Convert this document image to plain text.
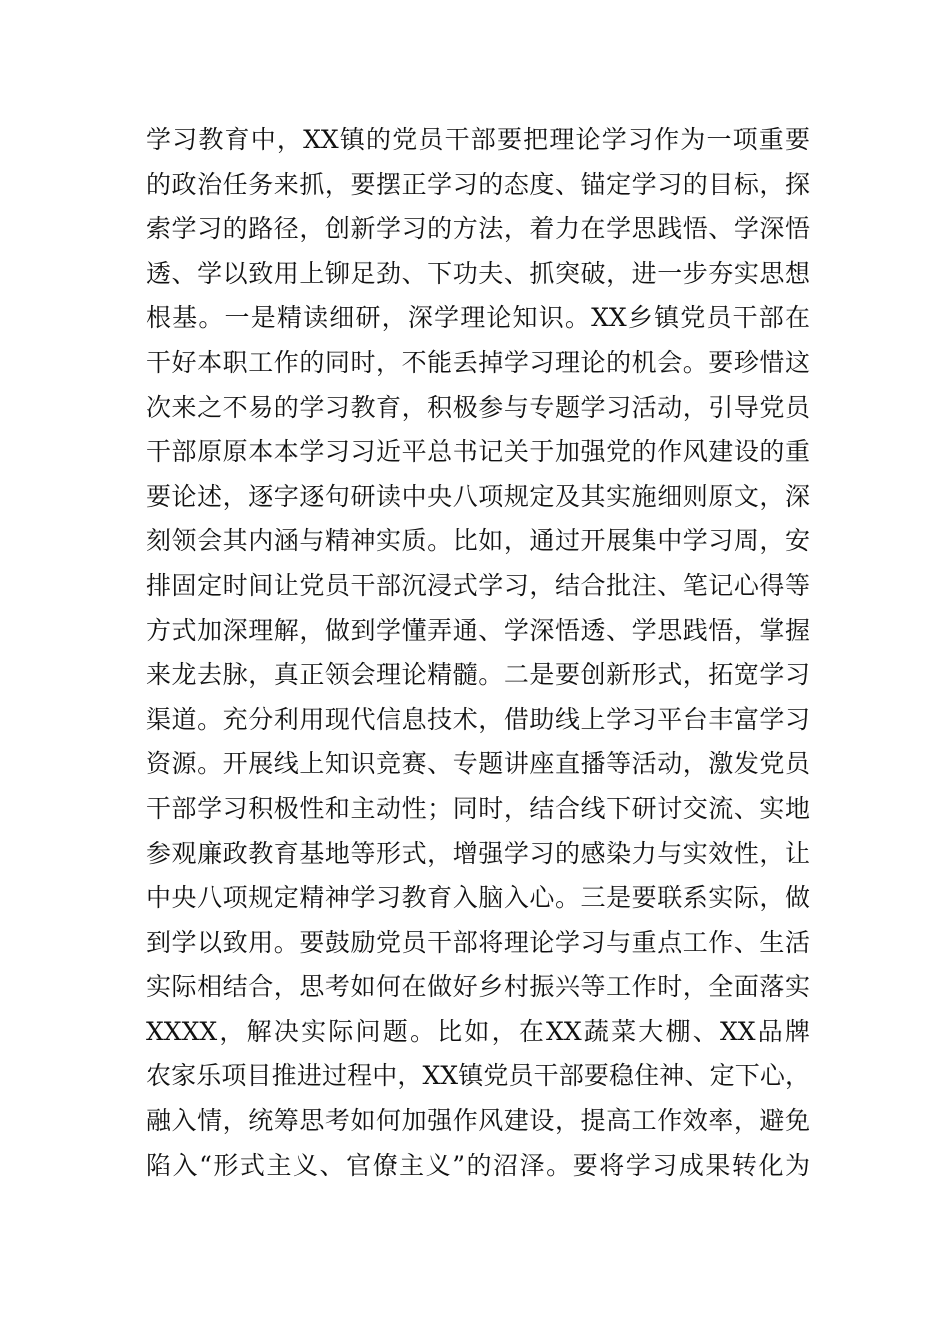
学习教育中，XX镇的党员干部要把理论学习作为一项重要
的政治任务来抓，要摆正学习的态度、锚定学习的目标，探
索学习的路径，创新学习的方法，着力在学思践悟、学深悟
透、学以致用上铆足劲、下功夫、抓突破，进一步夯实思想
根基。一是精读细研，深学理论知识。XX乡镇党员干部在
干好本职工作的同时，不能丢掉学习理论的机会。要珍惜这
次来之不易的学习教育，积极参与专题学习活动，引导党员
干部原原本本学习习近平总书记关于加强党的作风建设的重
要论述，逐字逐句研读中央八项规定及其实施细则原文，深
刻领会其内涵与精神实质。比如，通过开展集中学习周，安
排固定时间让党员干部沉浸式学习，结合批注、笔记心得等
方式加深理解，做到学懂弄通、学深悟透、学思践悟，掌握
来龙去脉，真正领会理论精髓。二是要创新形式，拓宽学习
渠道。充分利用现代信息技术，借助线上学习平台丰富学习
资源。开展线上知识竞赛、专题讲座直播等活动，激发党员
干部学习积极性和主动性；同时，结合线下研讨交流、实地
参观廉政教育基地等形式，增强学习的感染力与实效性，让
中央八项规定精神学习教育入脑入心。三是要联系实际，做
到学以致用。要鼓励党员干部将理论学习与重点工作、生活
实际相结合，思考如何在做好乡村振兴等工作时，全面落实
XXXX，解决实际问题。比如，在XX蔬菜大棚、XX品牌
农家乐项目推进过程中，XX镇党员干部要稳住神、定下心，
融入情，统筹思考如何加强作风建设，提高工作效率，避免
陷入“形式主义、官僚主义”的沼泽。要将学习成果转化为
